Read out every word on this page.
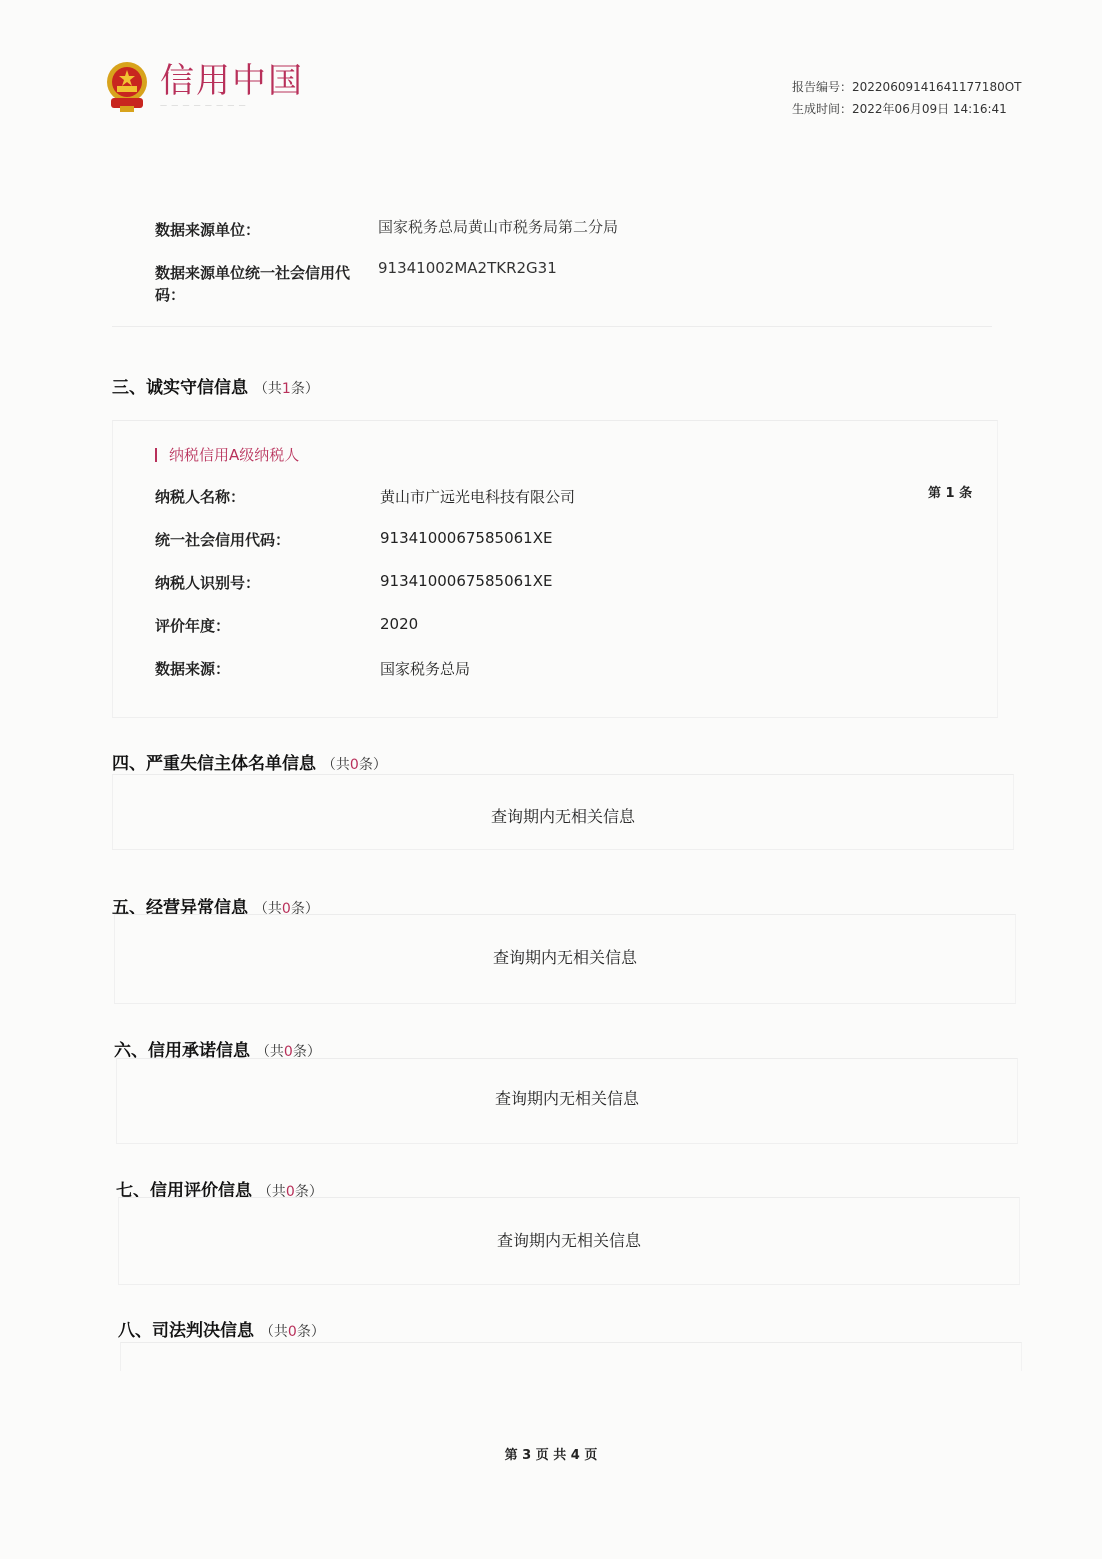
信用中国
— — — — — — — —
报告编号：20220609141641177180OT
生成时间：2022年06月09日 14:16:41
数据来源单位：	国家税务总局黄山市税务局第二分局
数据来源单位统一社会信用代
码：
91341002MA2TKR2G31
三、诚实守信信息 （共1条）
纳税信用A级纳税人
第 1 条
纳税人名称：	黄山市广远光电科技有限公司
统一社会信用代码：	9134100067585061XE
纳税人识别号：	9134100067585061XE
评价年度：	2020
数据来源：	国家税务总局
四、严重失信主体名单信息 （共0条）
查询期内无相关信息
五、经营异常信息 （共0条）
查询期内无相关信息
六、信用承诺信息 （共0条）
查询期内无相关信息
七、信用评价信息 （共0条）
查询期内无相关信息
八、司法判决信息 （共0条）
第 3 页 共 4 页
